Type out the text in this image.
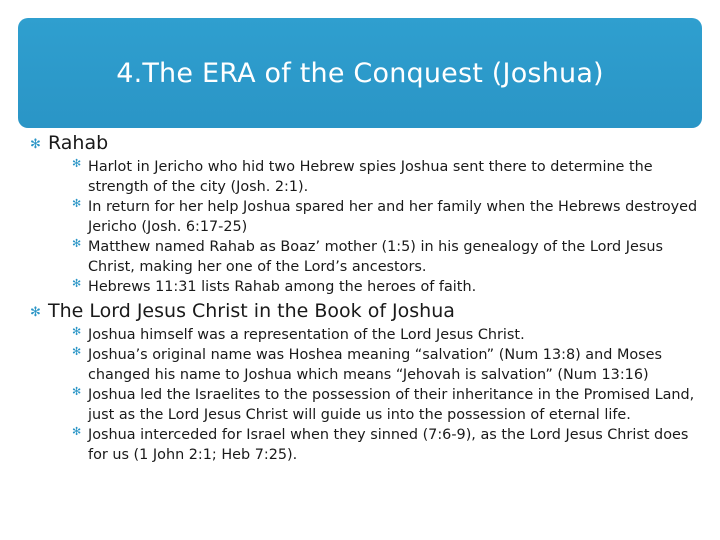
4.The ERA of the Conquest (Joshua)
✻ Rahab
✻ Harlot in Jericho who hid two Hebrew spies Joshua sent there to determine the strength of the city (Josh. 2:1).
✻ In return for her help Joshua spared her and her family when the Hebrews destroyed Jericho (Josh. 6:17-25)
✻ Matthew named Rahab as Boaz’ mother (1:5) in his genealogy of the Lord Jesus Christ, making her one of the Lord’s ancestors.
✻ Hebrews 11:31 lists Rahab among the heroes of faith.
✻ The Lord Jesus Christ in the Book of Joshua
✻ Joshua himself was a representation of the Lord Jesus Christ.
✻ Joshua’s original name was Hoshea meaning “salvation” (Num 13:8) and Moses changed his name to Joshua which means “Jehovah is salvation” (Num 13:16)
✻ Joshua led the Israelites to the possession of their inheritance in the Promised Land, just as the Lord Jesus Christ will guide us into the possession of eternal life.
✻ Joshua interceded for Israel when they sinned (7:6-9), as the Lord Jesus Christ does for us (1 John 2:1; Heb 7:25).
